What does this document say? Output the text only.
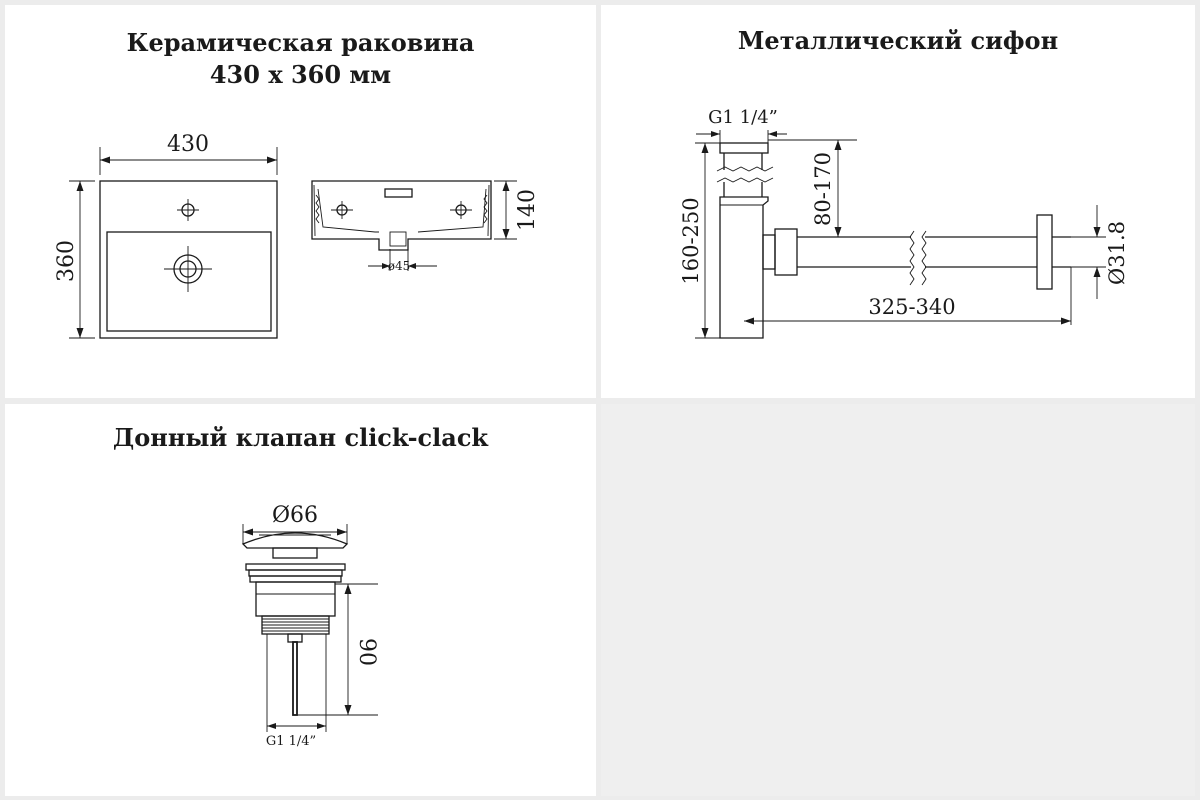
Керамическая раковина
430 х 360 мм
430
360
140
ø45
Металлический сифон
G1 1/4”
160-250
80-170
Ø31.8
325-340
Донный клапан click-clack
Ø66
90
G1 1/4”
